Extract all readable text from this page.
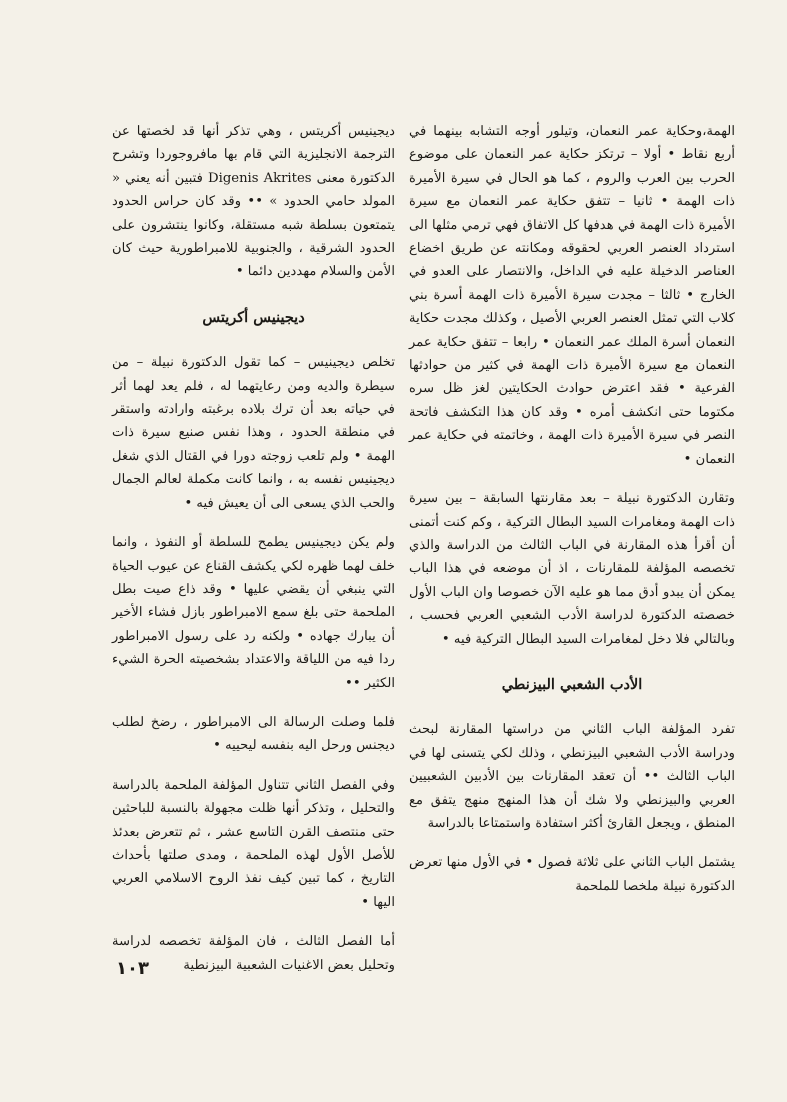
الهمة،وحكاية عمر النعمان، وتيلور أوجه التشابه بينهما في أربع نقاط • أولا – ترتكز حكاية عمر النعمان على موضوع الحرب بين العرب والروم ، كما هو الحال في سيرة الأميرة ذات الهمة • ثانيا – تتفق حكاية عمر النعمان مع سيرة الأميرة ذات الهمة في هدفها كل الاتفاق فهي ترمي مثلها الى استرداد العنصر العربي لحقوقه ومكانته عن طريق اخضاع العناصر الدخيلة عليه في الداخل، والانتصار على العدو في الخارج • ثالثا – مجدت سيرة الأميرة ذات الهمة أسرة بني كلاب التي تمثل العنصر العربي الأصيل ، وكذلك مجدت حكاية النعمان أسرة الملك عمر النعمان • رابعا – تتفق حكاية عمر النعمان مع سيرة الأميرة ذات الهمة في كثير من حوادثها الفرعية • فقد اعترض حوادث الحكايتين لغز ظل سره مكتوما حتى انكشف أمره • وقد كان هذا التكشف فاتحة النصر في سيرة الأميرة ذات الهمة ، وخاتمته في حكاية عمر النعمان •

وتقارن الدكتورة نبيلة – بعد مقارنتها السابقة – بين سيرة ذات الهمة ومغامرات السيد البطال التركية ، وكم كنت أتمنى أن أقرأ هذه المقارنة في الباب الثالث من الدراسة والذي تخصصه المؤلفة للمقارنات ، اذ أن موضعه في هذا الباب يمكن أن يبدو أدق مما هو عليه الآن خصوصا وان الباب الأول خصصته الدكتورة لدراسة الأدب الشعبي العربي فحسب ، وبالتالي فلا دخل لمغامرات السيد البطال التركية فيه •

الأدب الشعبي البيزنطي

تفرد المؤلفة الباب الثاني من دراستها المقارنة لبحث ودراسة الأدب الشعبي البيزنطي ، وذلك لكي يتسنى لها في الباب الثالث •• أن تعقد المقارنات بين الأدبين الشعبيين العربي والبيزنطي ولا شك أن هذا المنهج منهج يتفق مع المنطق ، ويجعل القارئ أكثر استفادة واستمتاعا بالدراسة

يشتمل الباب الثاني على ثلاثة فصول • في الأول منها تعرض الدكتورة نبيلة ملخصا للملحمة

ديجينيس أكريتس ، وهي تذكر أنها قد لخصتها عن الترجمة الانجليزية التي قام بها مافروجوردا وتشرح الدكتورة معنى Digenis Akrites فتبين أنه يعني « المولد حامي الحدود » •• وقد كان حراس الحدود يتمتعون بسلطة شبه مستقلة، وكانوا ينتشرون على الحدود الشرقية ، والجنوبية للامبراطورية حيث كان الأمن والسلام مهددين دائما •

ديجينيس أكريتس

تخلص ديجينيس – كما تقول الدكتورة نبيلة – من سيطرة والديه ومن رعايتهما له ، فلم يعد لهما أثر في حياته بعد أن ترك بلاده برغبته وارادته واستقر في منطقة الحدود ، وهذا نفس صنيع سيرة ذات الهمة • ولم تلعب زوجته دورا في القتال الذي شغل ديجينيس نفسه به ، وانما كانت مكملة لعالم الجمال والحب الذي يسعى الى أن يعيش فيه •

ولم يكن ديجينيس يطمح للسلطة أو النفوذ ، وانما خلف لهما ظهره لكي يكشف القناع عن عيوب الحياة التي ينبغي أن يقضي عليها • وقد ذاع صيت بطل الملحمة حتى بلغ سمع الامبراطور بازل فشاء الأخير أن يبارك جهاده • ولكنه رد على رسول الامبراطور ردا فيه من اللياقة والاعتداد بشخصيته الحرة الشيء الكثير ••

فلما وصلت الرسالة الى الامبراطور ، رضخ لطلب ديجنس ورحل اليه بنفسه ليحييه •

وفي الفصل الثاني تتناول المؤلفة الملحمة بالدراسة والتحليل ، وتذكر أنها ظلت مجهولة بالنسبة للباحثين حتى منتصف القرن التاسع عشر ، ثم تتعرض بعدئذ للأصل الأول لهذه الملحمة ، ومدى صلتها بأحداث التاريخ ، كما تبين كيف نفذ الروح الاسلامي العربي اليها •

أما الفصل الثالث ، فان المؤلفة تخصصه لدراسة وتحليل بعض الاغنيات الشعبية البيزنطية

١٠٣
